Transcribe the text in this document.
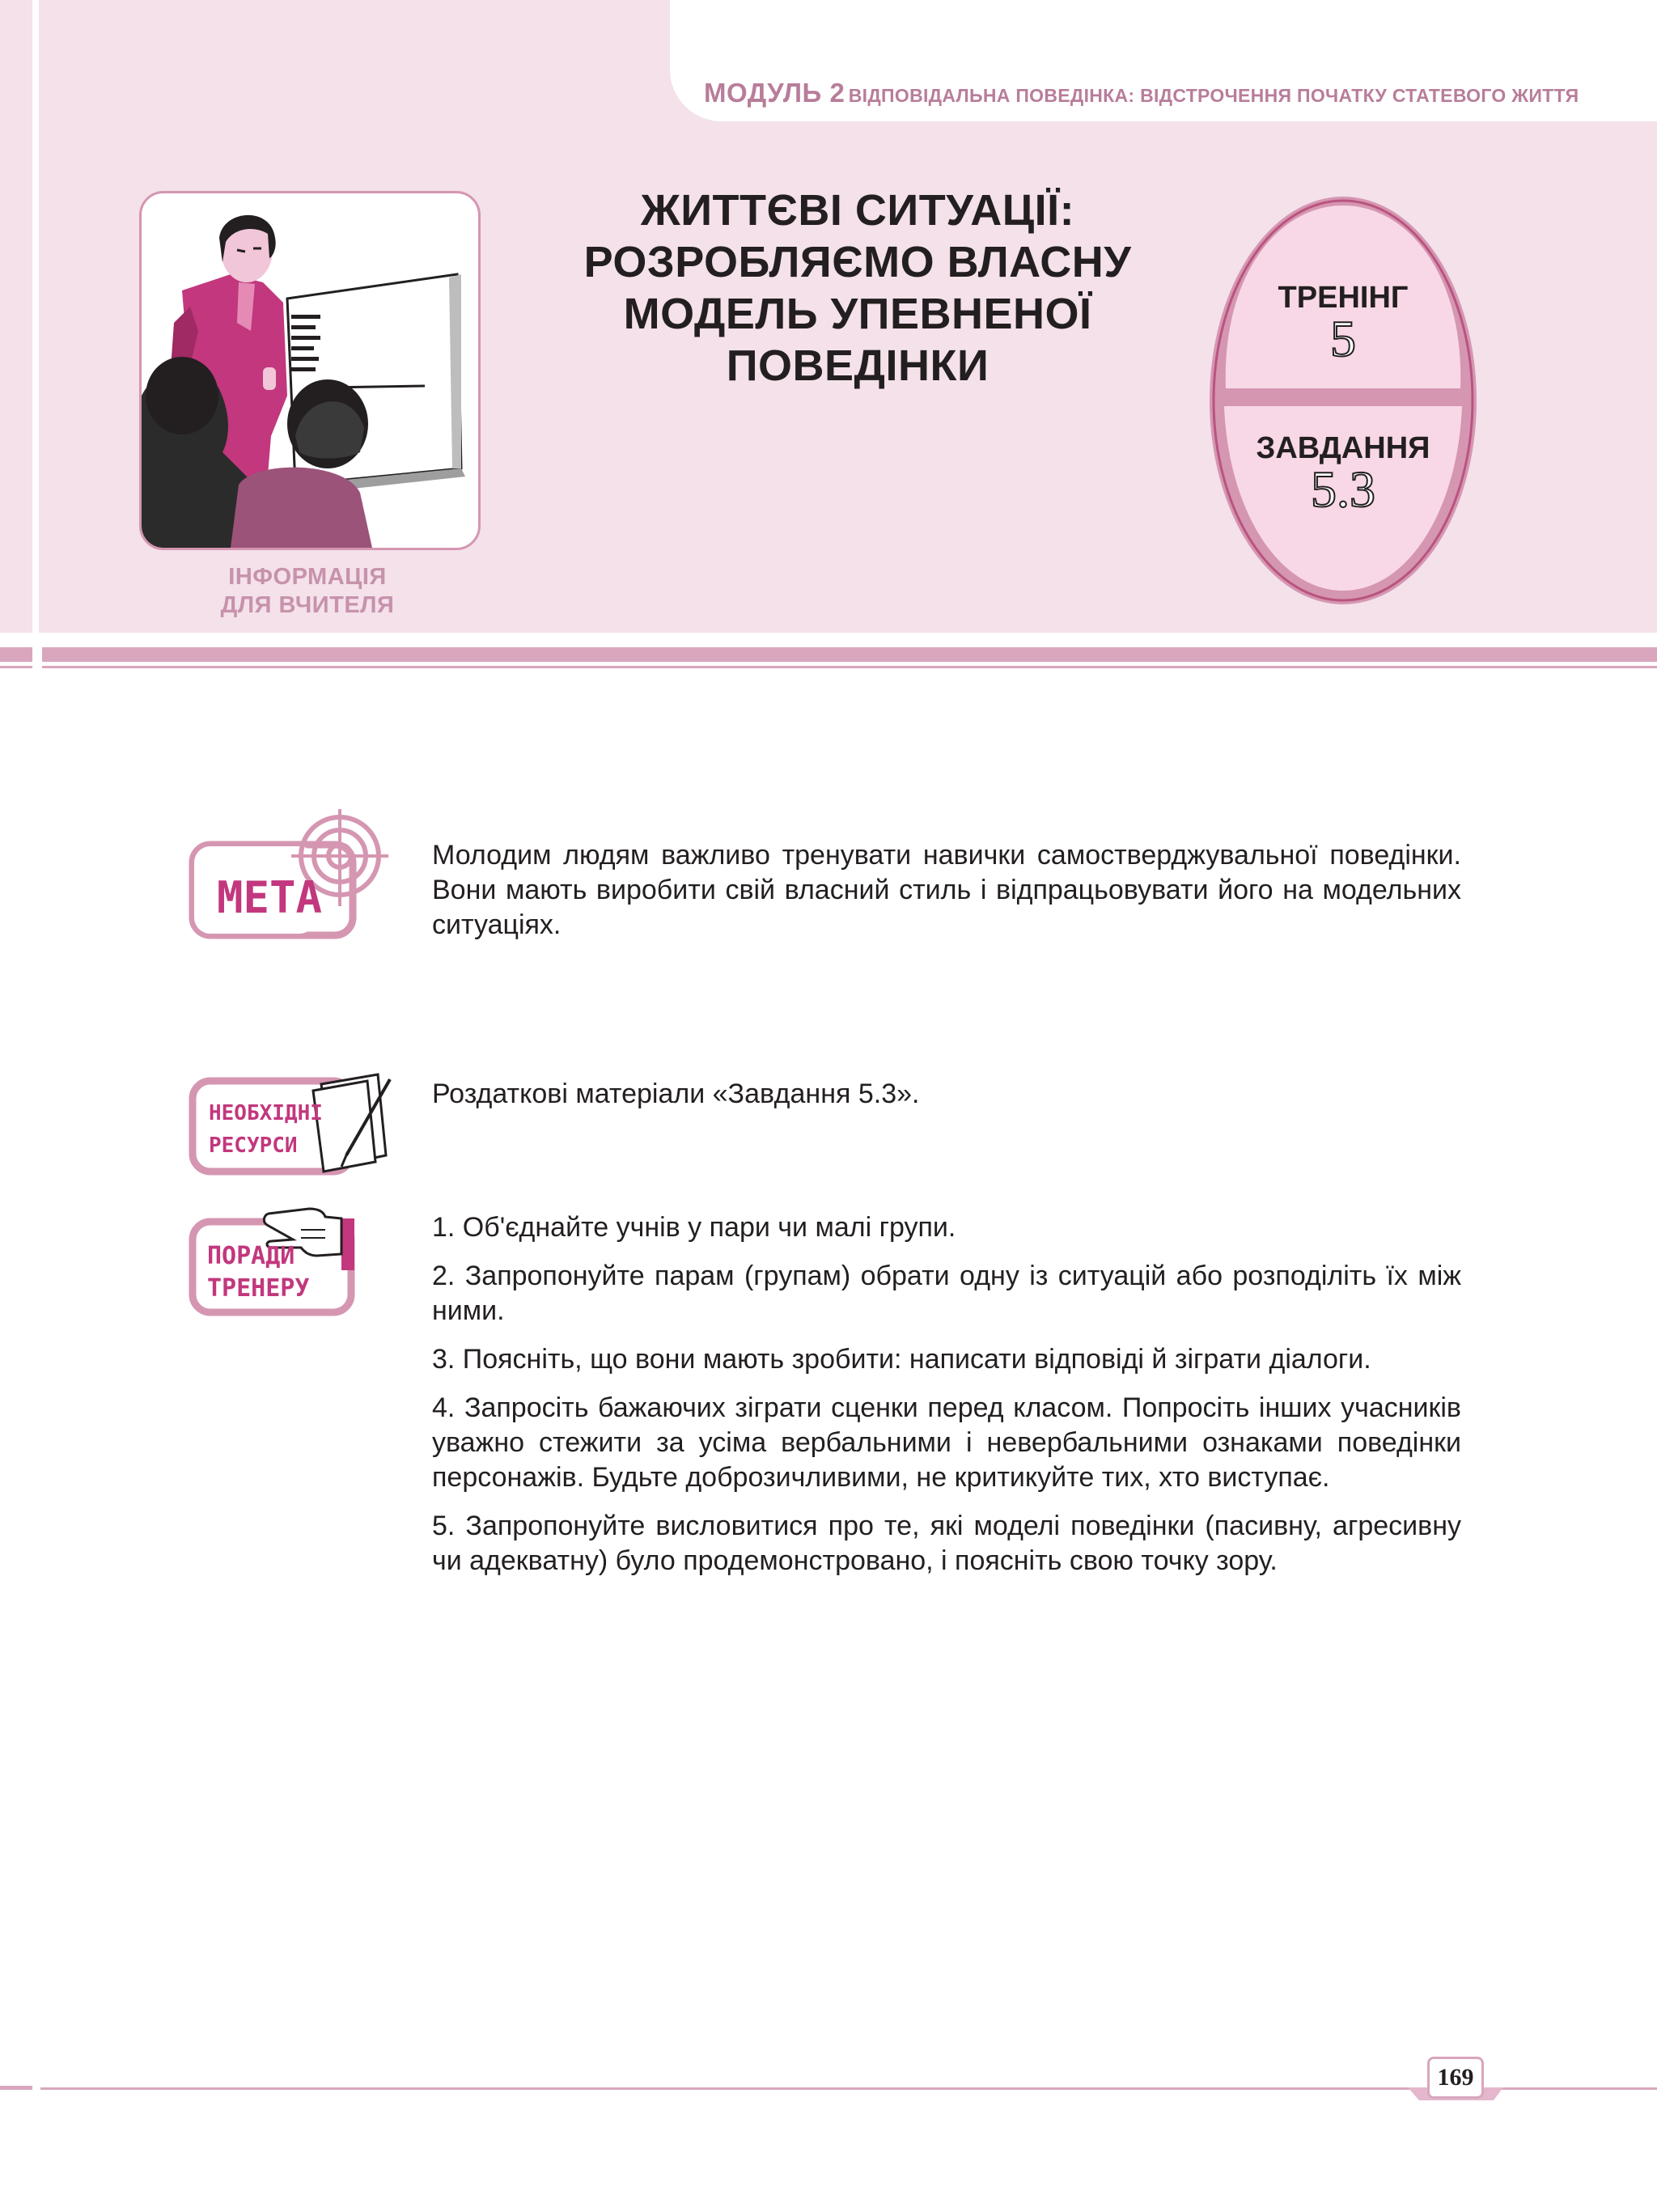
МОДУЛЬ 2 ВІДПОВІДАЛЬНА ПОВЕДІНКА: ВІДСТРОЧЕННЯ ПОЧАТКУ СТАТЕВОГО ЖИТТЯ
ІНФОРМАЦІЯ
ДЛЯ ВЧИТЕЛЯ
ЖИТТЄВІ СИТУАЦІЇ:
РОЗРОБЛЯЄМО ВЛАСНУ
МОДЕЛЬ УПЕВНЕНОЇ
ПОВЕДІНКИ
ТРЕНІНГ
5
ЗАВДАННЯ
5.3
МЕТА
Молодим людям важливо тренувати навички самостверджувальної поведінки. Вони мають виробити свій власний стиль і відпрацьовувати його на модельних ситуаціях.
НЕОБХІДНІ
РЕСУРСИ
Роздаткові матеріали «Завдання 5.3».
ПОРАДИ
ТРЕНЕРУ

1. Об'єднайте учнів у пари чи малі групи.

2. Запропонуйте парам (групам) обрати одну із ситуацій або розподіліть їх між ними.

3. Поясніть, що вони мають зробити: написати відповіді й зіграти діалоги.

4. Запросіть бажаючих зіграти сценки перед класом. Попросіть інших учасників уважно стежити за усіма вербальними і невербальними ознаками поведінки персонажів. Будьте доброзичливими, не критикуйте тих, хто виступає.

5. Запропонуйте висловитися про те, які моделі поведінки (пасивну, агресивну чи адекватну) було продемонстровано, і поясніть свою точку зору.

169
